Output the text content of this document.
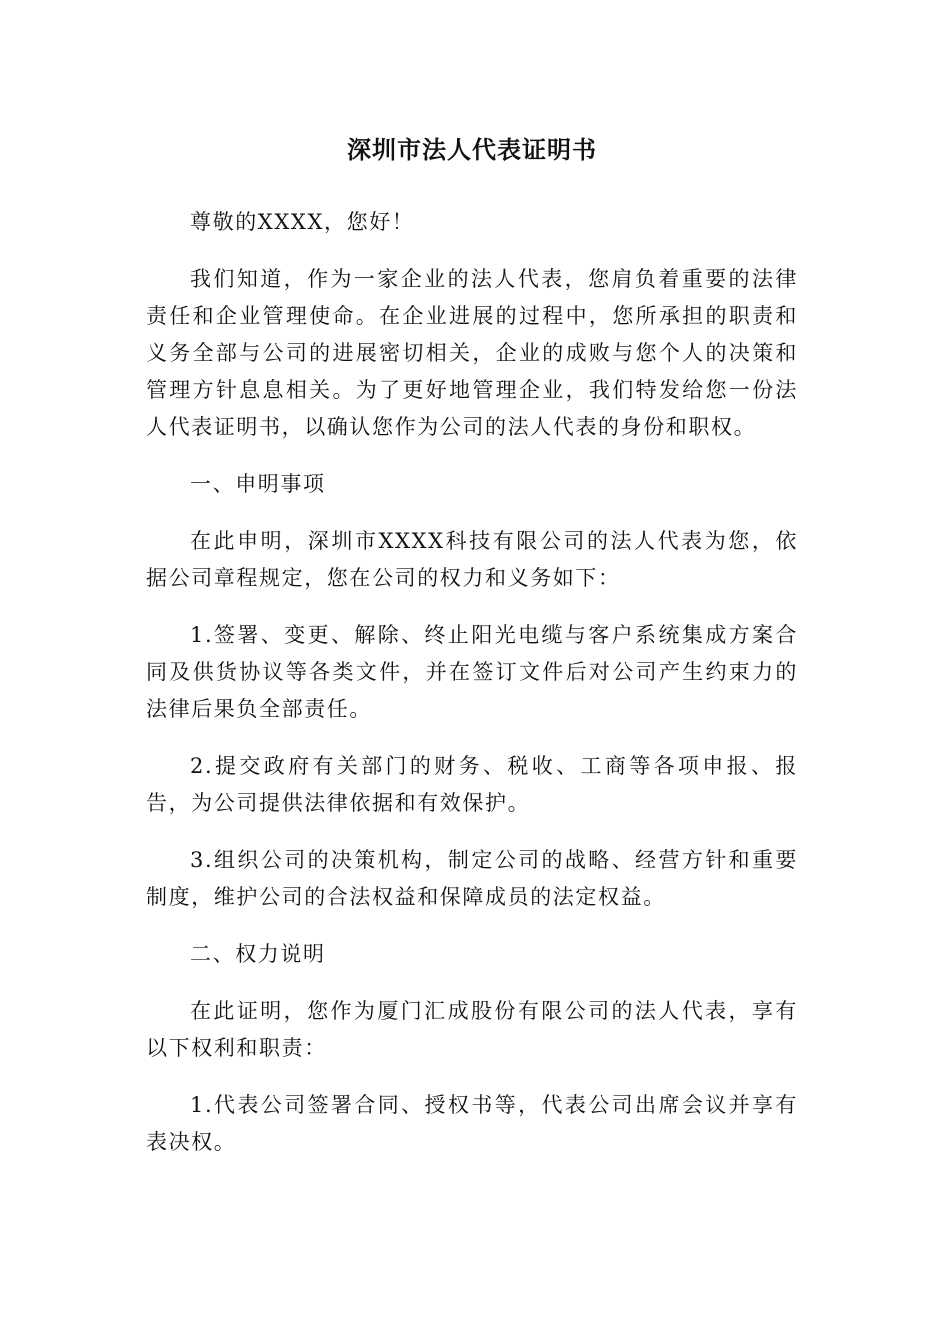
深圳市法人代表证明书

尊敬的XXXX，您好！

我们知道，作为一家企业的法人代表，您肩负着重要的法律责任和企业管理使命。在企业进展的过程中，您所承担的职责和义务全部与公司的进展密切相关，企业的成败与您个人的决策和管理方针息息相关。为了更好地管理企业，我们特发给您一份法人代表证明书，以确认您作为公司的法人代表的身份和职权。

一、申明事项

在此申明，深圳市XXXX科技有限公司的法人代表为您，依据公司章程规定，您在公司的权力和义务如下：

1.签署、变更、解除、终止阳光电缆与客户系统集成方案合同及供货协议等各类文件，并在签订文件后对公司产生约束力的法律后果负全部责任。

2.提交政府有关部门的财务、税收、工商等各项申报、报告，为公司提供法律依据和有效保护。

3.组织公司的决策机构，制定公司的战略、经营方针和重要制度，维护公司的合法权益和保障成员的法定权益。

二、权力说明

在此证明，您作为厦门汇成股份有限公司的法人代表，享有以下权利和职责：

1.代表公司签署合同、授权书等，代表公司出席会议并享有表决权。
